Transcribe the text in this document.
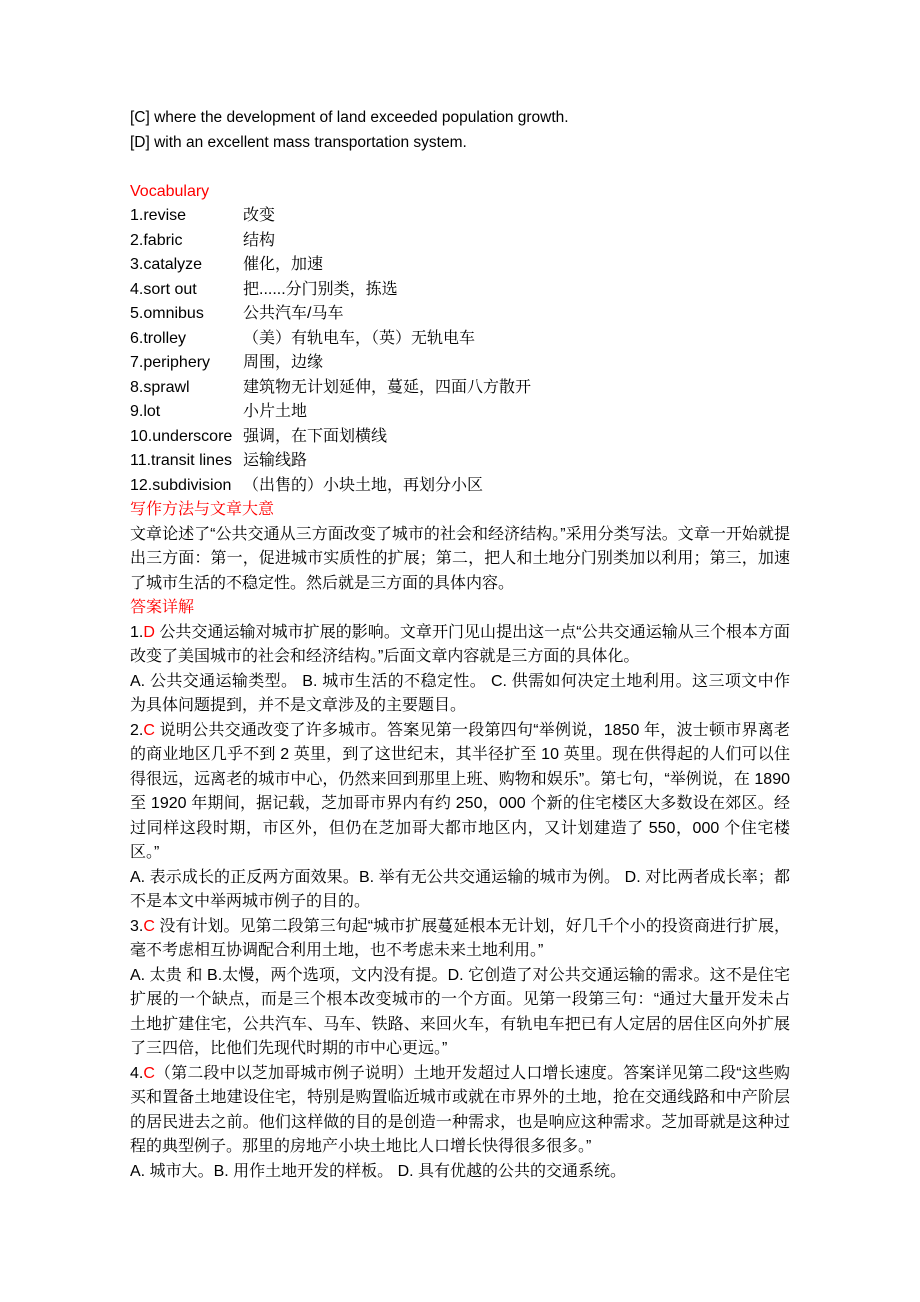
[C] where the development of land exceeded population growth.

[D] with an excellent mass transportation system.

Vocabulary

1.revise	改变

2.fabric	结构

3.catalyze	催化，加速

4.sort out	把......分门别类，拣选

5.omnibus 公共汽车/马车

6.trolley	（美）有轨电车，（英）无轨电车

7.periphery 周围，边缘

8.sprawl	建筑物无计划延伸，蔓延，四面八方散开

9.lot	小片土地

10.underscore 强调，在下面划横线

11.transit lines 运输线路

12.subdivision （出售的）小块土地，再划分小区

写作方法与文章大意

文章论述了“公共交通从三方面改变了城市的社会和经济结构。”采用分类写法。文章一开始就提出三方面：第一，促进城市实质性的扩展；第二，把人和土地分门别类加以利用；第三，加速了城市生活的不稳定性。然后就是三方面的具体内容。

答案详解

1.D 公共交通运输对城市扩展的影响。文章开门见山提出这一点“公共交通运输从三个根本方面改变了美国城市的社会和经济结构。”后面文章内容就是三方面的具体化。

A. 公共交通运输类型。 B. 城市生活的不稳定性。 C. 供需如何决定土地利用。这三项文中作为具体问题提到，并不是文章涉及的主要题目。

2.C 说明公共交通改变了许多城市。答案见第一段第四句“举例说，1850 年，波士顿市界离老的商业地区几乎不到 2 英里，到了这世纪末，其半径扩至 10 英里。现在供得起的人们可以住得很远，远离老的城市中心，仍然来回到那里上班、购物和娱乐”。第七句，“举例说，在 1890 至 1920 年期间，据记载，芝加哥市界内有约 250，000 个新的住宅楼区大多数设在郊区。经过同样这段时期，市区外，但仍在芝加哥大都市地区内，又计划建造了 550，000 个住宅楼区。”

A. 表示成长的正反两方面效果。B. 举有无公共交通运输的城市为例。 D. 对比两者成长率；都不是本文中举两城市例子的目的。

3.C 没有计划。见第二段第三句起“城市扩展蔓延根本无计划，好几千个小的投资商进行扩展，毫不考虑相互协调配合利用土地，也不考虑未来土地利用。”

A. 太贵 和 B.太慢，两个选项，文内没有提。D. 它创造了对公共交通运输的需求。这不是住宅扩展的一个缺点，而是三个根本改变城市的一个方面。见第一段第三句：“通过大量开发未占土地扩建住宅，公共汽车、马车、铁路、来回火车，有轨电车把已有人定居的居住区向外扩展了三四倍，比他们先现代时期的市中心更远。”

4.C（第二段中以芝加哥城市例子说明）土地开发超过人口增长速度。答案详见第二段“这些购买和置备土地建设住宅，特别是购置临近城市或就在市界外的土地，抢在交通线路和中产阶层的居民进去之前。他们这样做的目的是创造一种需求，也是响应这种需求。芝加哥就是这种过程的典型例子。那里的房地产小块土地比人口增长快得很多很多。”

A. 城市大。B. 用作土地开发的样板。 D. 具有优越的公共的交通系统。
